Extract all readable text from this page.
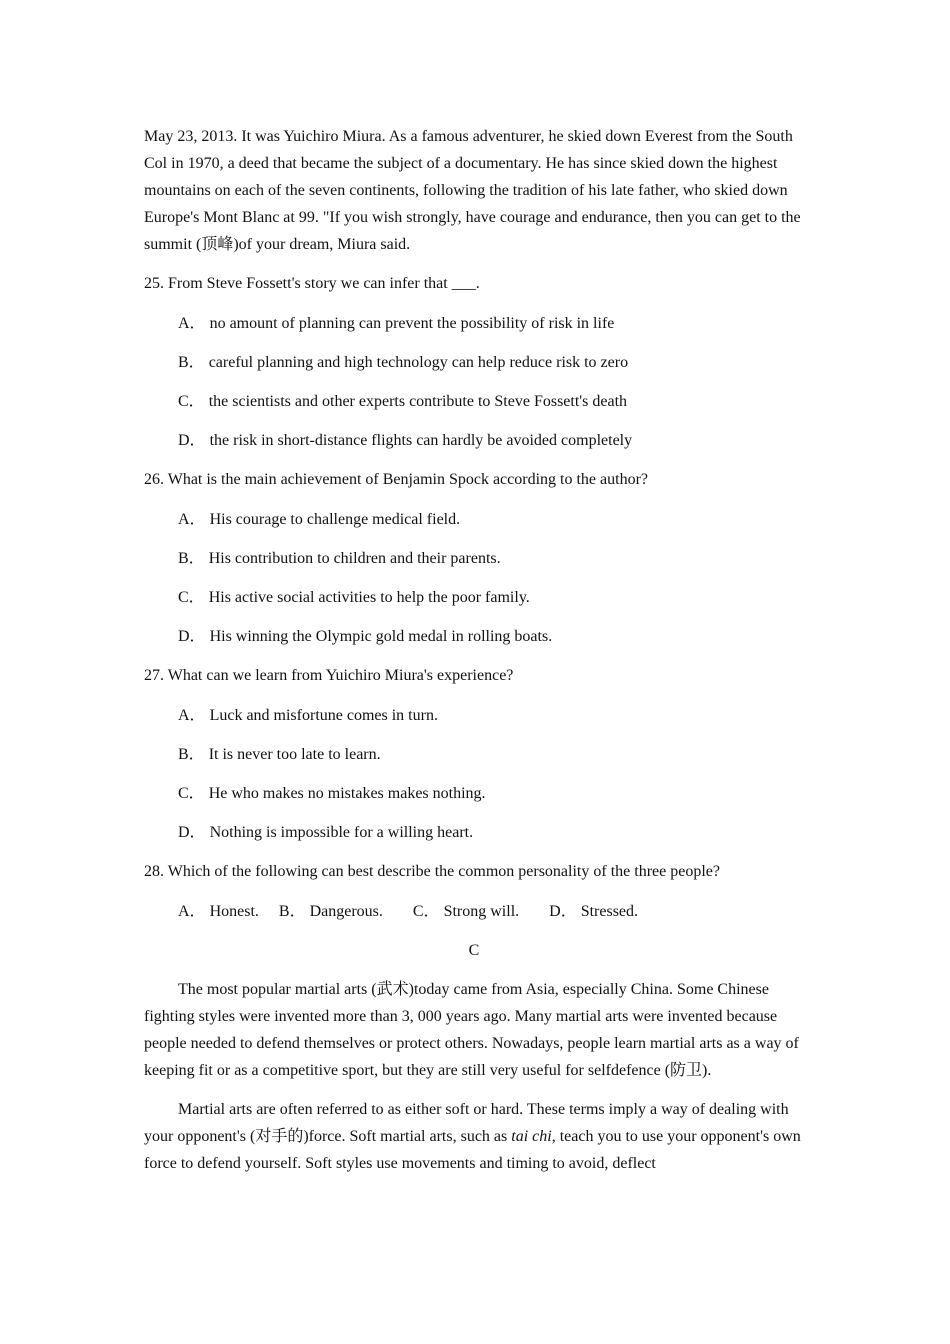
May 23, 2013. It was Yuichiro Miura. As a famous adventurer, he skied down Everest from the South Col in 1970, a deed that became the subject of a documentary. He has since skied down the highest mountains on each of the seven continents, following the tradition of his late father, who skied down Europe's Mont Blanc at 99. "If you wish strongly, have courage and endurance, then you can get to the summit (顶峰)of your dream, Miura said.

25. From Steve Fossett's story we can infer that ___.

A． no amount of planning can prevent the possibility of risk in life

B． careful planning and high technology can help reduce risk to zero

C． the scientists and other experts contribute to Steve Fossett's death

D． the risk in short-distance flights can hardly be avoided completely

26. What is the main achievement of Benjamin Spock according to the author?

A． His courage to challenge medical field.

B． His contribution to children and their parents.

C． His active social activities to help the poor family.

D． His winning the Olympic gold medal in rolling boats.

27. What can we learn from Yuichiro Miura's experience?

A． Luck and misfortune comes in turn.

B． It is never too late to learn.

C． He who makes no mistakes makes nothing.

D． Nothing is impossible for a willing heart.

28. Which of the following can best describe the common personality of the three people?

A． Honest. B． Dangerous. C． Strong will. D． Stressed.
C

The most popular martial arts (武术)today came from Asia, especially China. Some Chinese fighting styles were invented more than 3, 000 years ago. Many martial arts were invented because people needed to defend themselves or protect others. Nowadays, people learn martial arts as a way of keeping fit or as a competitive sport, but they are still very useful for selfdefence (防卫).

Martial arts are often referred to as either soft or hard. These terms imply a way of dealing with your opponent's (对手的)force. Soft martial arts, such as tai chi, teach you to use your opponent's own force to defend yourself. Soft styles use movements and timing to avoid, deflect
